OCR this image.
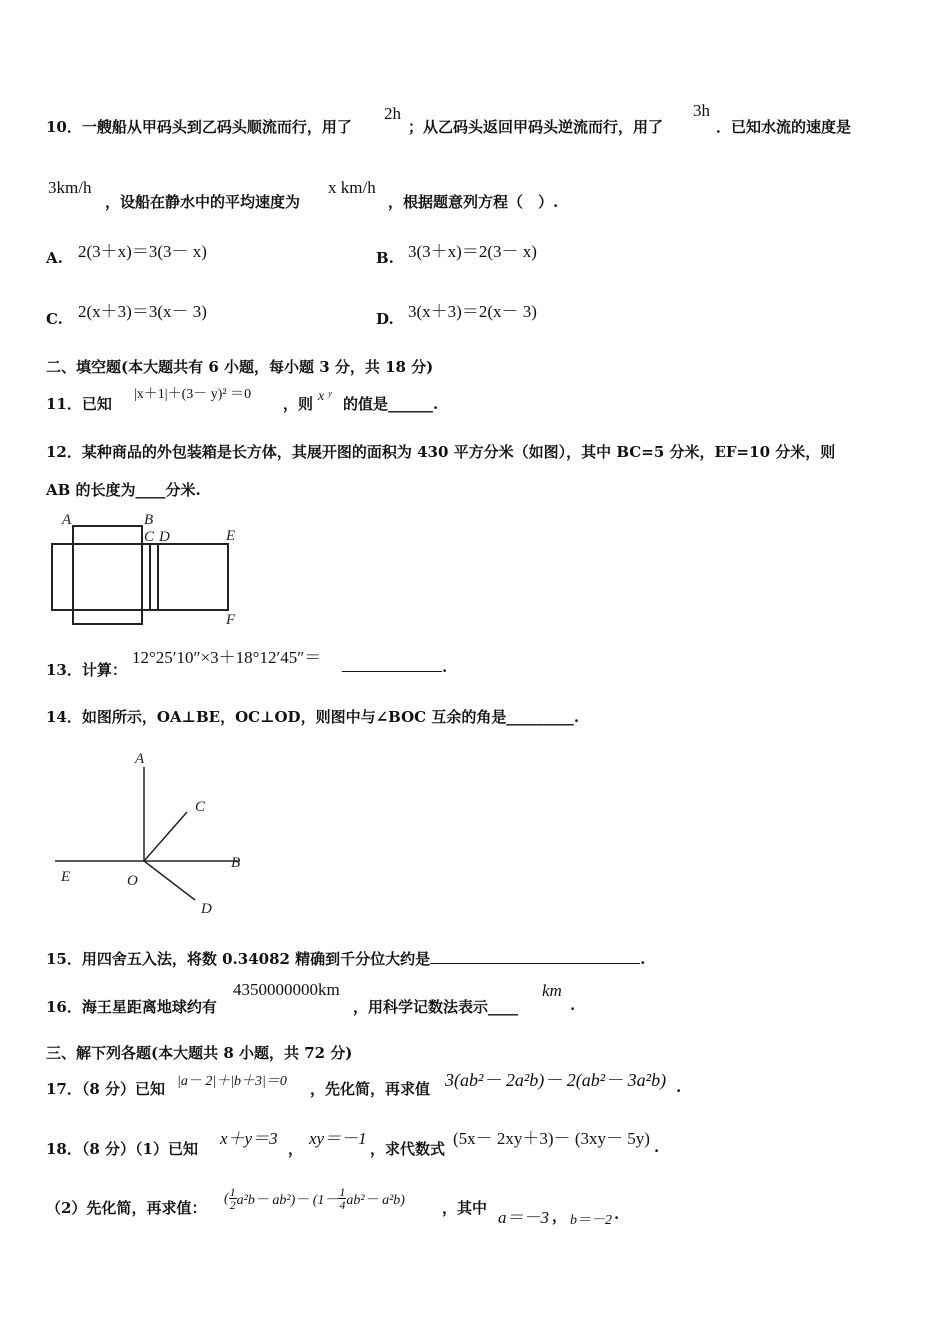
10．一艘船从甲码头到乙码头顺流而行，用了
2h
；从乙码头返回甲码头逆流而行，用了
3h
．已知水流的速度是
3km/h
，设船在静水中的平均速度为
x km/h
，根据题意列方程（　）.
A. 2(3＋x)＝3(3－ x)	B. 3(3＋x)＝2(3－ x)
C. 2(x＋3)＝3(x－ 3)	D. 3(x＋3)＝2(x－ 3)
二、填空题(本大题共有 6 小题，每小题 3 分，共 18 分)
11．已知
|x＋1|＋(3－ y)² ＝0
，则 x ʸ 的值是______.
12．某种商品的外包装箱是长方体，其展开图的面积为 430 平方分米（如图），其中 BC=5 分米，EF=10 分米，则
AB 的长度为____分米.
A	B
C D	E
F
13．计算：
12°25′10″×3＋18°12′45″＝	.
14．如图所示，OA⊥BE，OC⊥OD，则图中与∠BOC 互余的角是_________.
A
C
B
E	O
D
15．用四舍五入法，将数 0.34082 精确到千分位大约是	.
16．海王星距离地球约有
4350000000km
，用科学记数法表示____
km
.
三、解下列各题(本大题共 8 小题，共 72 分)
17．（8 分）已知 |a－ 2|＋|b＋3|＝0 ，先化简，再求值 3(ab²－ 2a²b)－ 2(ab²－ 3a²b) .
18．（8 分）（1）已知
x＋y＝3
，
xy＝－1
，求代数式
(5x－ 2xy＋3)－ (3xy－ 5y) .
（2）先化简，再求值：
( $\frac{1}{2} a^2b- ab^2)- (1- \frac{1}{4} ab^2- a^2b)$ ，其中 a＝－3 ， b＝－2 .
